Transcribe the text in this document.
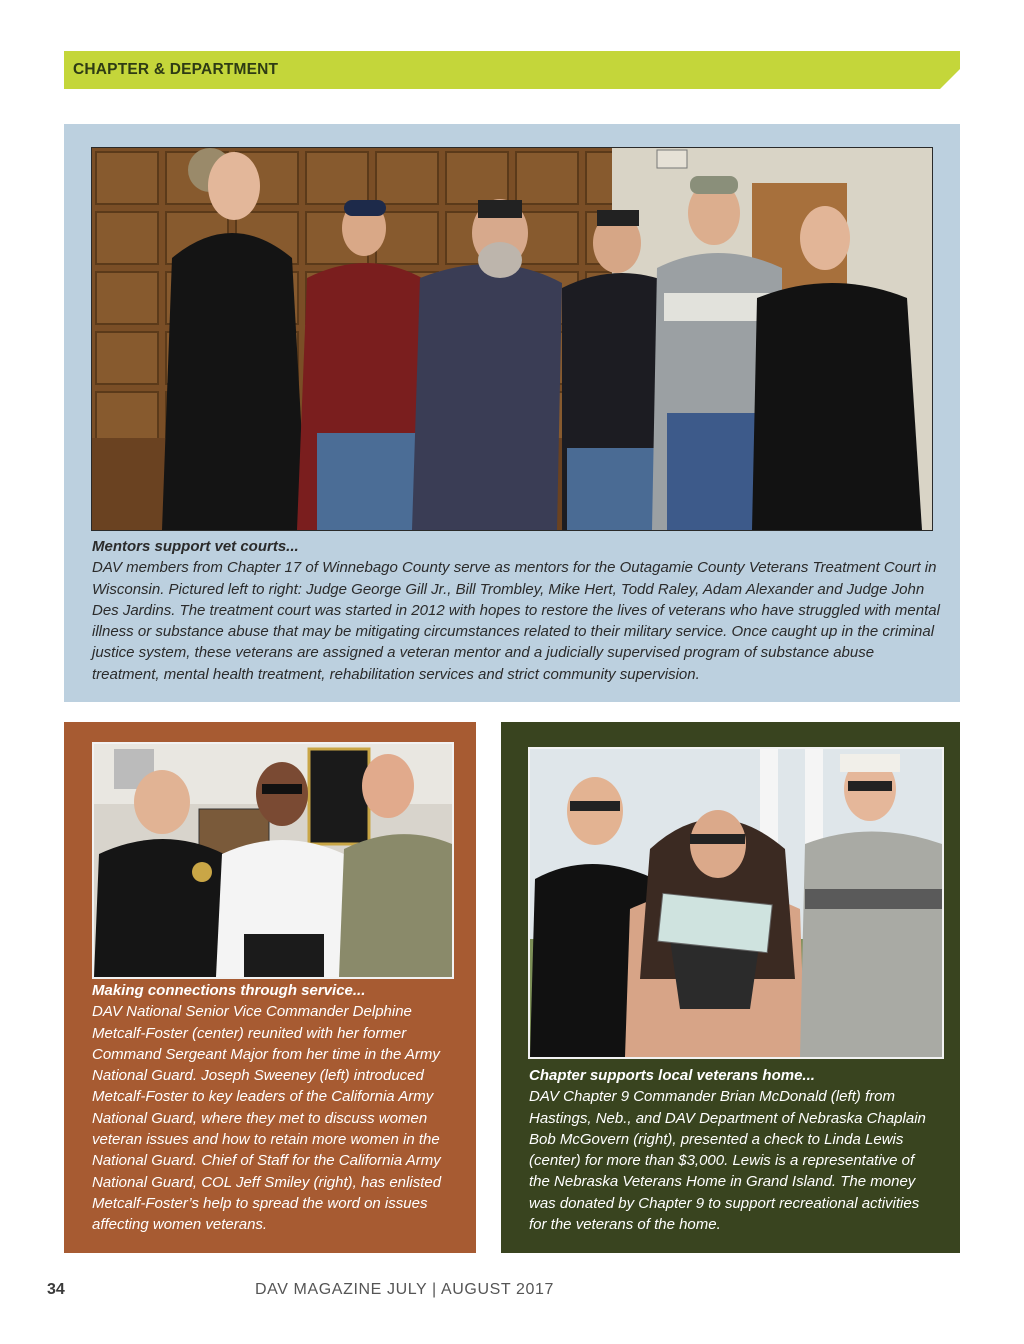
CHAPTER & DEPARTMENT
Mentors support vet courts...
DAV members from Chapter 17 of Winnebago County serve as mentors for the Outagamie County Veterans Treatment Court in Wisconsin. Pictured left to right: Judge George Gill Jr., Bill Trombley, Mike Hert, Todd Raley, Adam Alexander and Judge John Des Jardins. The treatment court was started in 2012 with hopes to restore the lives of veterans who have struggled with mental illness or substance abuse that may be mitigating circumstances related to their military service. Once caught up in the criminal justice system, these veterans are assigned a veteran mentor and a judicially supervised program of substance abuse treatment, mental health treatment, rehabilitation services and strict community supervision.
Making connections through service...
DAV National Senior Vice Commander Delphine Metcalf-Foster (center) reunited with her former Command Sergeant Major from her time in the Army National Guard. Joseph Sweeney (left) introduced Metcalf-Foster to key leaders of the California Army National Guard, where they met to discuss women veteran issues and how to retain more women in the National Guard. Chief of Staff for the California Army National Guard, COL Jeff Smiley (right), has enlisted Metcalf-Foster’s help to spread the word on issues affecting women veterans.
Chapter supports local veterans home...
DAV Chapter 9 Commander Brian McDonald (left) from Hastings, Neb., and DAV Department of Nebraska Chaplain Bob McGovern (right), presented a check to Linda Lewis (center) for more than $3,000. Lewis is a representative of the Nebraska Veterans Home in Grand Island. The money was donated by Chapter 9 to support recreational activities for the veterans of the home.
34	DAV MAGAZINE JULY | AUGUST 2017
